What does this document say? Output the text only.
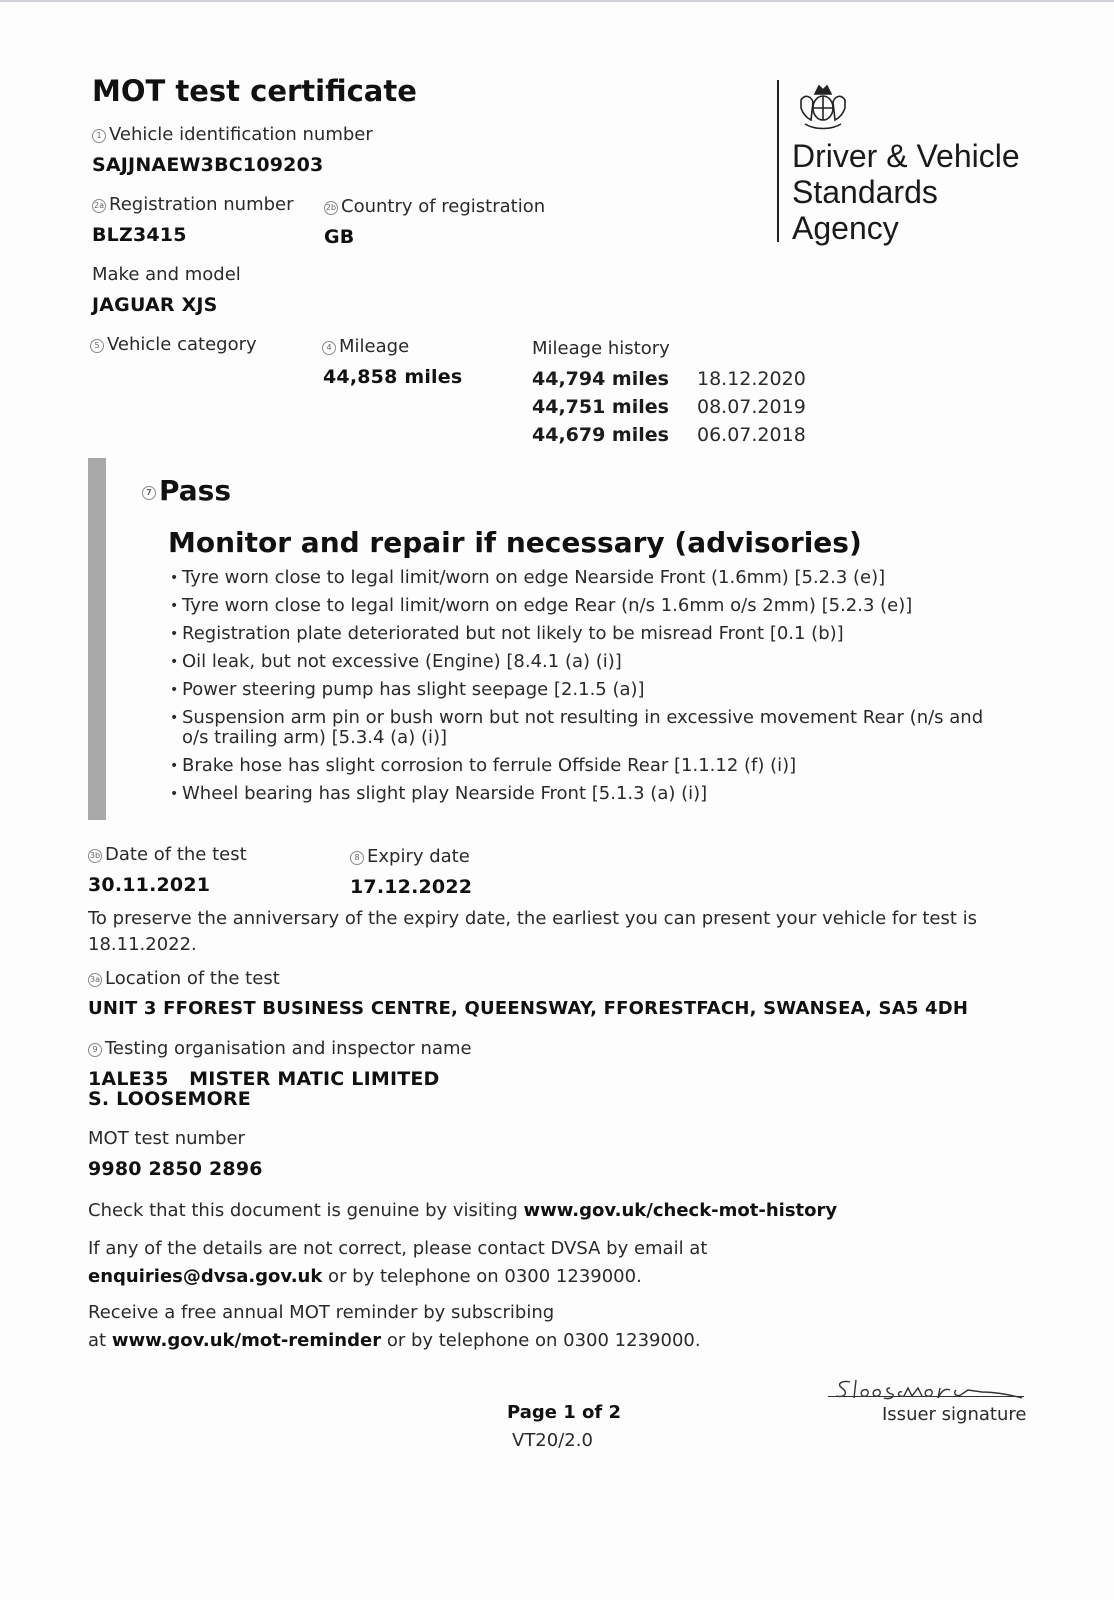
MOT test certificate
Driver & Vehicle
Standards
Agency
1 Vehicle identification number
SAJJNAEW3BC109203
2a Registration number
BLZ3415
2b Country of registration
GB
Make and model
JAGUAR XJS
5 Vehicle category	4 Mileage
44,858 miles
Mileage history
44,794 miles 18.12.2020
44,751 miles 08.07.2019
44,679 miles 06.07.2018
7 Pass
Monitor and repair if necessary (advisories)
• Tyre worn close to legal limit/worn on edge Nearside Front (1.6mm) [5.2.3 (e)]
• Tyre worn close to legal limit/worn on edge Rear (n/s 1.6mm o/s 2mm) [5.2.3 (e)]
• Registration plate deteriorated but not likely to be misread Front [0.1 (b)]
• Oil leak, but not excessive (Engine) [8.4.1 (a) (i)]
• Power steering pump has slight seepage [2.1.5 (a)]
• Suspension arm pin or bush worn but not resulting in excessive movement Rear (n/s and o/s trailing arm) [5.3.4 (a) (i)]
• Brake hose has slight corrosion to ferrule Offside Rear [1.1.12 (f) (i)]
• Wheel bearing has slight play Nearside Front [5.1.3 (a) (i)]
3b Date of the test
30.11.2021
8 Expiry date
17.12.2022
To preserve the anniversary of the expiry date, the earliest you can present your vehicle for test is
18.11.2022.
3a Location of the test
UNIT 3 FFOREST BUSINESS CENTRE, QUEENSWAY, FFORESTFACH, SWANSEA, SA5 4DH
9 Testing organisation and inspector name
1ALE35   MISTER MATIC LIMITED
S. LOOSEMORE
MOT test number
9980 2850 2896
Check that this document is genuine by visiting www.gov.uk/check-mot-history
If any of the details are not correct, please contact DVSA by email at
enquiries@dvsa.gov.uk or by telephone on 0300 1239000.
Receive a free annual MOT reminder by subscribing
at www.gov.uk/mot-reminder or by telephone on 0300 1239000.
Issuer signature
Page 1 of 2
VT20/2.0
